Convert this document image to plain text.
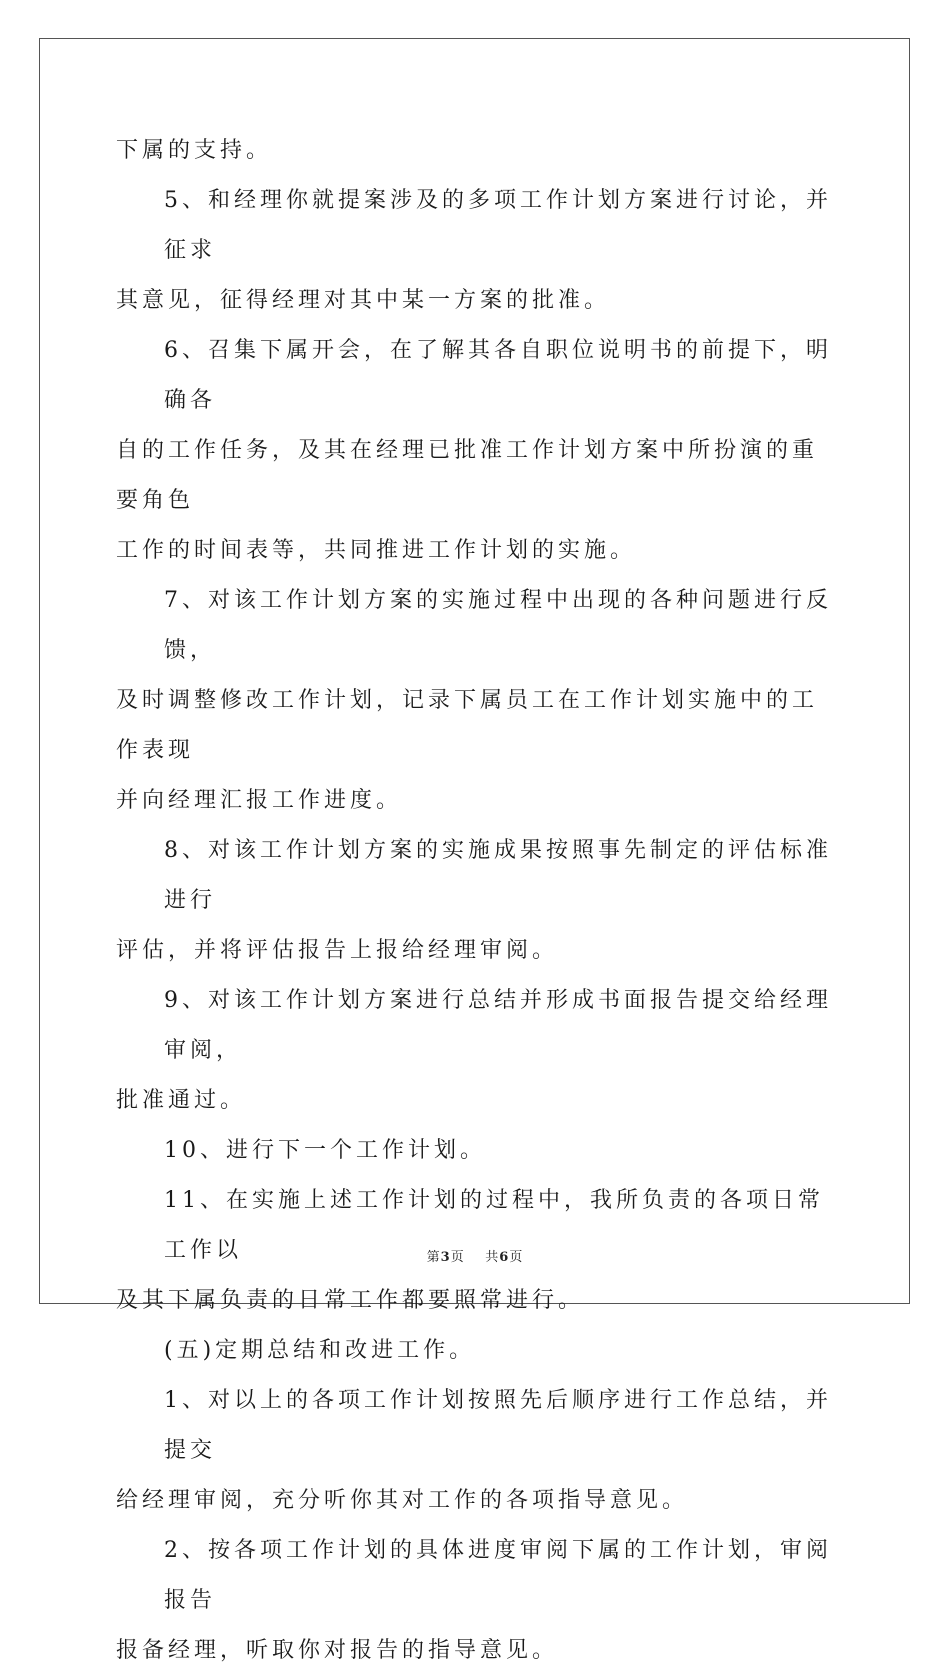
下属的支持。

5、和经理你就提案涉及的多项工作计划方案进行讨论，并征求

其意见，征得经理对其中某一方案的批准。

6、召集下属开会，在了解其各自职位说明书的前提下，明确各

自的工作任务，及其在经理已批准工作计划方案中所扮演的重要角色

工作的时间表等，共同推进工作计划的实施。

7、对该工作计划方案的实施过程中出现的各种问题进行反馈，

及时调整修改工作计划，记录下属员工在工作计划实施中的工作表现

并向经理汇报工作进度。

8、对该工作计划方案的实施成果按照事先制定的评估标准进行

评估，并将评估报告上报给经理审阅。

9、对该工作计划方案进行总结并形成书面报告提交给经理审阅，

批准通过。

10、进行下一个工作计划。

11、在实施上述工作计划的过程中，我所负责的各项日常工作以

及其下属负责的日常工作都要照常进行。

(五)定期总结和改进工作。

1、对以上的各项工作计划按照先后顺序进行工作总结，并提交

给经理审阅，充分听你其对工作的各项指导意见。

2、按各项工作计划的具体进度审阅下属的工作计划，审阅报告

报备经理，听取你对报告的指导意见。

第3页 共6页
